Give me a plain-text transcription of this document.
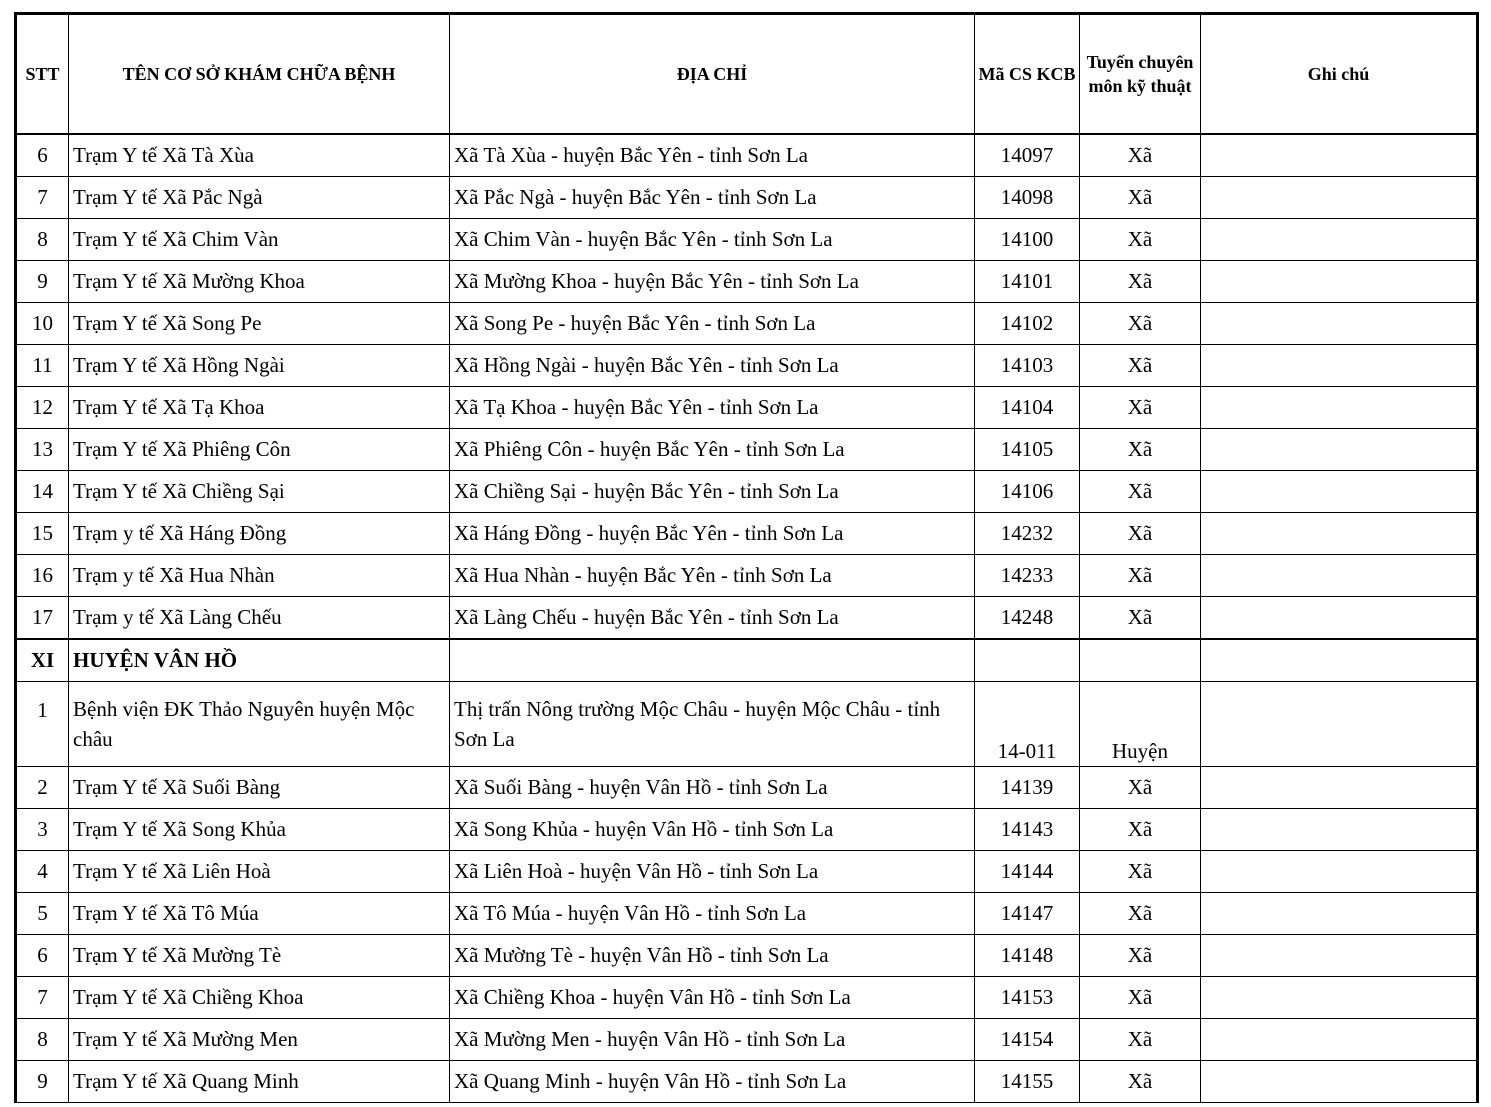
STT	TÊN CƠ SỞ KHÁM CHỮA BỆNH	ĐỊA CHỈ	Mã CS KCB	Tuyến chuyên môn kỹ thuật	Ghi chú
6	Trạm Y tế Xã Tà Xùa	Xã Tà Xùa - huyện Bắc Yên - tỉnh Sơn La	14097	Xã	
7	Trạm Y tế Xã Pắc Ngà	Xã Pắc Ngà - huyện Bắc Yên - tỉnh Sơn La	14098	Xã	
8	Trạm Y tế Xã Chim Vàn	Xã Chim Vàn - huyện Bắc Yên - tỉnh Sơn La	14100	Xã	
9	Trạm Y tế Xã Mường Khoa	Xã Mường Khoa - huyện Bắc Yên - tỉnh Sơn La	14101	Xã	
10	Trạm Y tế Xã Song Pe	Xã Song Pe - huyện Bắc Yên - tỉnh Sơn La	14102	Xã	
11	Trạm Y tế Xã Hồng Ngài	Xã Hồng Ngài - huyện Bắc Yên - tỉnh Sơn La	14103	Xã	
12	Trạm Y tế Xã Tạ Khoa	Xã Tạ Khoa - huyện Bắc Yên - tỉnh Sơn La	14104	Xã	
13	Trạm Y tế Xã Phiêng Côn	Xã Phiêng Côn - huyện Bắc Yên - tỉnh Sơn La	14105	Xã	
14	Trạm Y tế Xã Chiềng Sại	Xã Chiềng Sại - huyện Bắc Yên - tỉnh Sơn La	14106	Xã	
15	Trạm y tế Xã Háng Đồng	Xã Háng Đồng - huyện Bắc Yên - tỉnh Sơn La	14232	Xã	
16	Trạm y tế Xã Hua Nhàn	Xã Hua Nhàn - huyện Bắc Yên - tỉnh Sơn La	14233	Xã	
17	Trạm y tế Xã Làng Chếu	Xã Làng Chếu - huyện Bắc Yên - tỉnh Sơn La	14248	Xã	
XI	HUYỆN VÂN HỒ				
1	Bệnh viện ĐK Thảo Nguyên huyện Mộc châu	Thị trấn Nông trường Mộc Châu - huyện Mộc Châu - tỉnh Sơn La	14-011	Huyện	
2	Trạm Y tế Xã Suối Bàng	Xã Suối Bàng - huyện Vân Hồ - tỉnh Sơn La	14139	Xã	
3	Trạm Y tế Xã Song Khủa	Xã Song Khủa - huyện Vân Hồ - tỉnh Sơn La	14143	Xã	
4	Trạm Y tế Xã Liên Hoà	Xã Liên Hoà - huyện Vân Hồ - tỉnh Sơn La	14144	Xã	
5	Trạm Y tế Xã Tô Múa	Xã Tô Múa - huyện Vân Hồ - tỉnh Sơn La	14147	Xã	
6	Trạm Y tế Xã Mường Tè	Xã Mường Tè - huyện Vân Hồ - tỉnh Sơn La	14148	Xã	
7	Trạm Y tế Xã Chiềng Khoa	Xã Chiềng Khoa - huyện Vân Hồ - tỉnh Sơn La	14153	Xã	
8	Trạm Y tế Xã Mường Men	Xã Mường Men - huyện Vân Hồ - tỉnh Sơn La	14154	Xã	
9	Trạm Y tế Xã Quang Minh	Xã Quang Minh - huyện Vân Hồ - tỉnh Sơn La	14155	Xã	
